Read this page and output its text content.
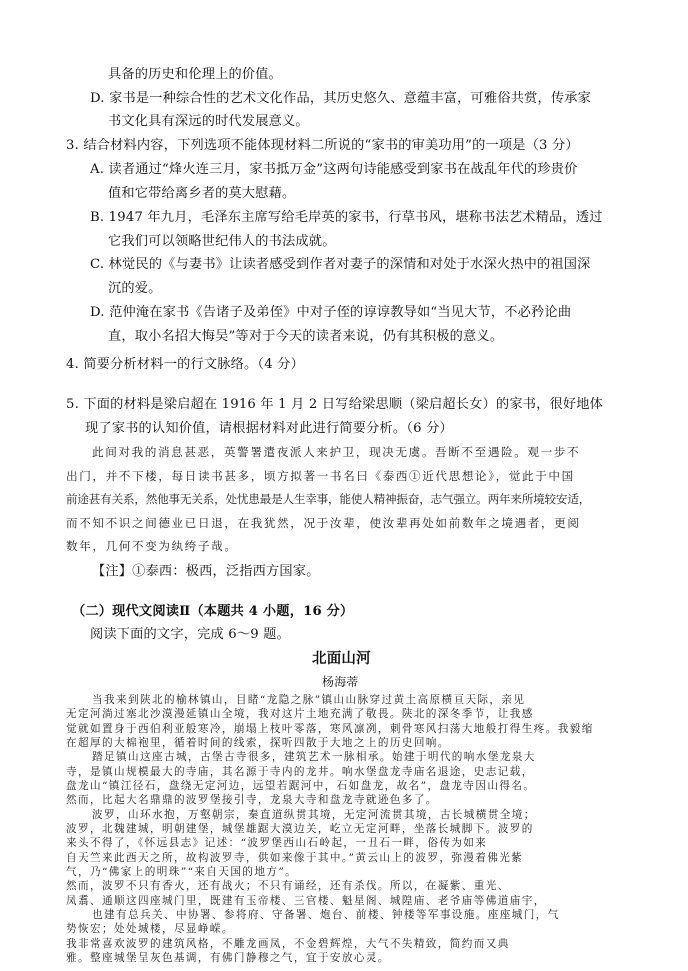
具备的历史和伦理上的价值。
D. 家书是一种综合性的艺术文化作品，其历史悠久、意蕴丰富，可雅俗共赏，传承家
书文化具有深远的时代发展意义。
3. 结合材料内容，下列选项不能体现材料二所说的“家书的审美功用”的一项是（3 分）
A. 读者通过“烽火连三月，家书抵万金”这两句诗能感受到家书在战乱年代的珍贵价
值和它带给离乡者的莫大慰藉。
B. 1947 年九月，毛泽东主席写给毛岸英的家书，行草书风，堪称书法艺术精品，透过
它我们可以领略世纪伟人的书法成就。
C. 林觉民的《与妻书》让读者感受到作者对妻子的深情和对处于水深火热中的祖国深
沉的爱。
D. 范仲淹在家书《告诸子及弟侄》中对子侄的谆谆教导如“当见大节，不必矜论曲
直，取小名招大悔吴”等对于今天的读者来说，仍有其积极的意义。
4. 简要分析材料一的行文脉络。（4 分）
5. 下面的材料是梁启超在 1916 年 1 月 2 日写给梁思顺（梁启超长女）的家书，很好地体
现了家书的认知价值，请根据材料对此进行简要分析。（6 分）
此间对我的消息甚恶，英警署遣夜派人来护卫，现决无虞。吾断不至遇险。观一步不
出门，并不下楼，每日读书甚多，顷方拟著一书名曰《泰西①近代思想论》，觉此于中国
前途甚有关系，然他事无关系，处忧患最是人生幸事，能使人精神振奋，志气强立。两年来所境较安适，
而不知不识之间德业已日退，在我犹然，况于汝辈，使汝辈再处如前数年之境遇者，更阅
数年，几何不变为纨绔子哉。
【注】①泰西：极西，泛指西方国家。
（二）现代文阅读Ⅱ（本题共 4 小题，16 分）
阅读下面的文字，完成 6～9 题。
北面山河
杨海蒂
当我来到陕北的榆林镇山，目睹“龙隐之脉”镇山山脉穿过黄土高原横亘天际，亲见
无定河淌过塞北沙漠漫延镇山全境，我对这片土地充满了敬畏。陕北的深冬季节，让我感
觉就如置身于西伯利亚般寒冷，崩塌上枝叶零落，寒风凛冽，刺骨寒风扫荡大地般打得生疼。我毅缩
在超厚的大棉袍里，循着时间的线索，探听四散于大地之上的历史回响。
踏足镇山这座古城，古堡古寺很多，建筑艺术一脉相承。始建于明代的响水堡龙泉大
寺，是镇山规模最大的寺庙，其名源于寺内的龙井。响水堡盘龙寺庙名退途，史志记载，
盘龙山“镇江径石，盘绕无定河边，远望若踞河中，石如盘龙，故名”，盘龙寺因山得名。
然而，比起大名鼎鼎的波罗堡接引寺，龙泉大寺和盘龙寺就逊色多了。
波罗，山环水抱，万壑朝宗，秦直道纵贯其境，无定河流贯其境，古长城横贯全境；
波罗，北魏建城，明朝建堡，城堡雄踞大漠边关，屹立无定河畔，坐落长城脚下。波罗的
来头不得了，《怀远县志》记述：“波罗堡西山石岭起，一丑石一畔，俗传为如来
自天竺来此西天之所，故构波罗寺，供如来像于其中。”黄云山上的波罗，弥漫着佛光紫
气，乃“佛家上的明珠”“来自天国的地方”。
然而，波罗不只有香火，还有战火；不只有诵经，还有杀伐。所以，在凝紫、重光、
凤翥、通顺这四座城门里，既建有玉帝楼、三官楼、魁星阁、城隍庙、老爷庙等佛道庙宇，
也建有总兵关、中协署、参将府、守备署、炮台、前楼、钟楼等军事设施。座座城门，气
势恢宏；处处城楼，尽显峥嵘。
我非常喜欢波罗的建筑风格，不雕龙画凤，不金碧辉煌，大气不失精致，简约而又典
雅。整座城堡呈灰色基调，有佛门静穆之气，宜于安放心灵。
